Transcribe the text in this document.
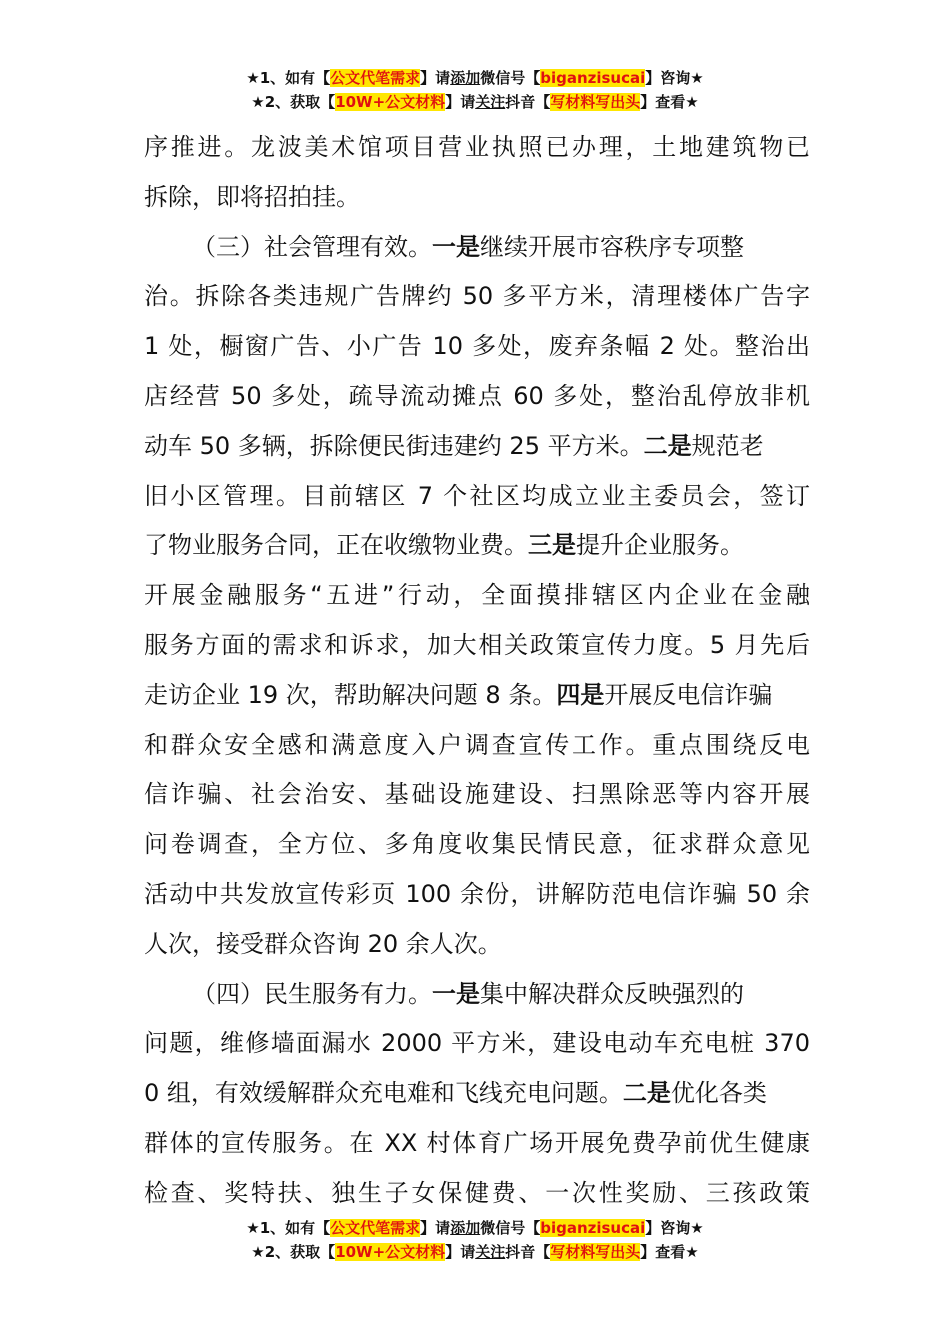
★1、如有【公文代笔需求】请添加微信号【biganzisucai】咨询★
★2、获取【10W+公文材料】请关注抖音【写材料写出头】查看★
序推进。龙波美术馆项目营业执照已办理，土地建筑物已
拆除，即将招拍挂。
（三）社会管理有效。一是继续开展市容秩序专项整
治。拆除各类违规广告牌约 50 多平方米，清理楼体广告字
1 处，橱窗广告、小广告 10 多处，废弃条幅 2 处。整治出
店经营 50 多处，疏导流动摊点 60 多处，整治乱停放非机
动车 50 多辆，拆除便民街违建约 25 平方米。二是规范老
旧小区管理。目前辖区 7 个社区均成立业主委员会，签订
了物业服务合同，正在收缴物业费。三是提升企业服务。
开展金融服务“五进”行动，全面摸排辖区内企业在金融
服务方面的需求和诉求，加大相关政策宣传力度。5 月先后
走访企业 19 次，帮助解决问题 8 条。四是开展反电信诈骗
和群众安全感和满意度入户调查宣传工作。重点围绕反电
信诈骗、社会治安、基础设施建设、扫黑除恶等内容开展
问卷调查，全方位、多角度收集民情民意，征求群众意见
活动中共发放宣传彩页 100 余份，讲解防范电信诈骗 50 余
人次，接受群众咨询 20 余人次。
（四）民生服务有力。一是集中解决群众反映强烈的
问题，维修墙面漏水 2000 平方米，建设电动车充电桩 370
0 组，有效缓解群众充电难和飞线充电问题。二是优化各类
群体的宣传服务。在 XX 村体育广场开展免费孕前优生健康
检查、奖特扶、独生子女保健费、一次性奖励、三孩政策
★1、如有【公文代笔需求】请添加微信号【biganzisucai】咨询★
★2、获取【10W+公文材料】请关注抖音【写材料写出头】查看★
